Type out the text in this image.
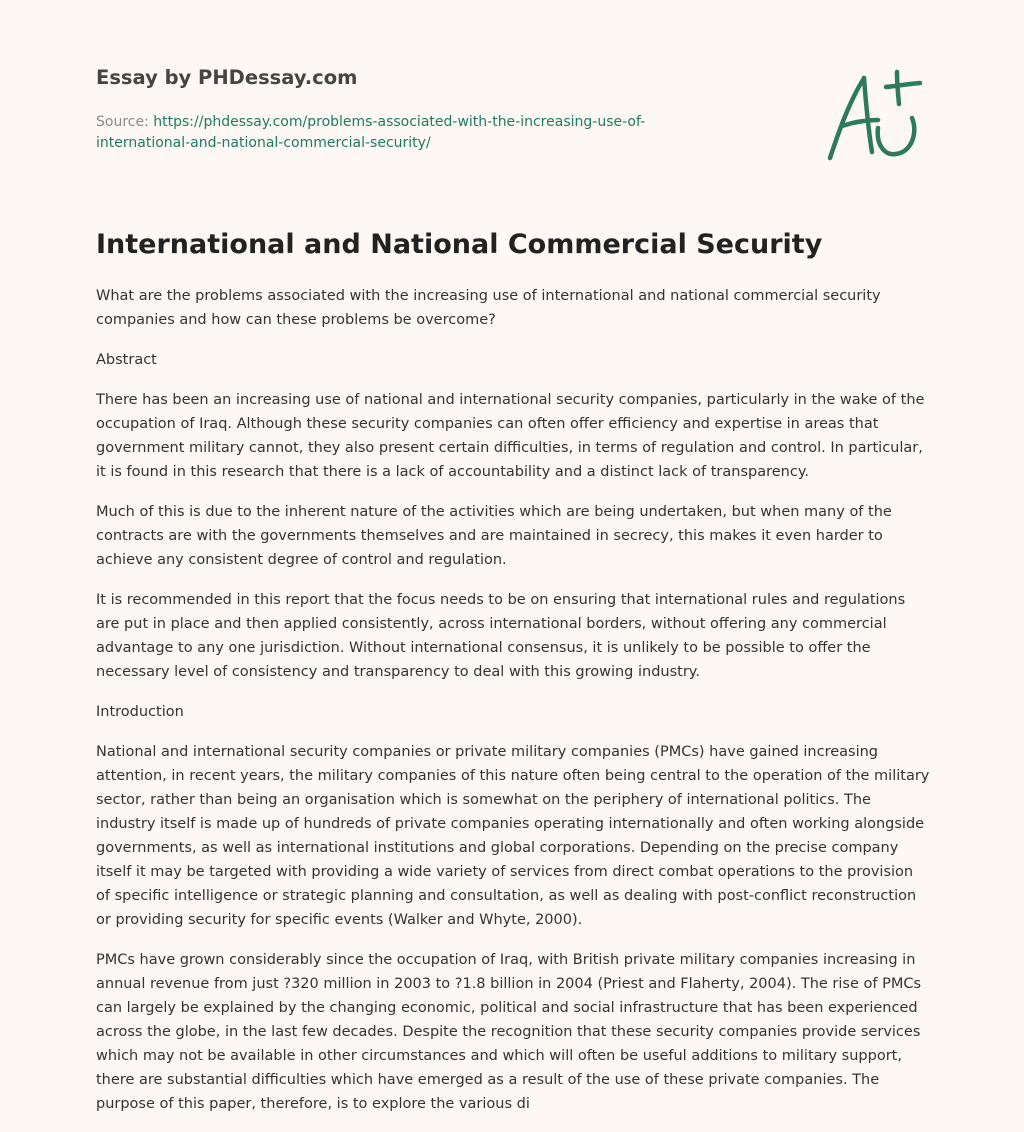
Essay by PHDessay.com
Source: https://phdessay.com/problems-associated-with-the-increasing-use-of-international-and-national-commercial-security/
International and National Commercial Security

What are the problems associated with the increasing use of international and national commercial security companies and how can these problems be overcome?

Abstract

There has been an increasing use of national and international security companies, particularly in the wake of the occupation of Iraq. Although these security companies can often offer efficiency and expertise in areas that government military cannot, they also present certain difficulties, in terms of regulation and control. In particular, it is found in this research that there is a lack of accountability and a distinct lack of transparency.

Much of this is due to the inherent nature of the activities which are being undertaken, but when many of the contracts are with the governments themselves and are maintained in secrecy, this makes it even harder to achieve any consistent degree of control and regulation.

It is recommended in this report that the focus needs to be on ensuring that international rules and regulations are put in place and then applied consistently, across international borders, without offering any commercial advantage to any one jurisdiction. Without international consensus, it is unlikely to be possible to offer the necessary level of consistency and transparency to deal with this growing industry.

Introduction

National and international security companies or private military companies (PMCs) have gained increasing attention, in recent years, the military companies of this nature often being central to the operation of the military sector, rather than being an organisation which is somewhat on the periphery of international politics. The industry itself is made up of hundreds of private companies operating internationally and often working alongside governments, as well as international institutions and global corporations. Depending on the precise company itself it may be targeted with providing a wide variety of services from direct combat operations to the provision of specific intelligence or strategic planning and consultation, as well as dealing with post-conflict reconstruction or providing security for specific events (Walker and Whyte, 2000).

PMCs have grown considerably since the occupation of Iraq, with British private military companies increasing in annual revenue from just ?320 million in 2003 to ?1.8 billion in 2004 (Priest and Flaherty, 2004). The rise of PMCs can largely be explained by the changing economic, political and social infrastructure that has been experienced across the globe, in the last few decades. Despite the recognition that these security companies provide services which may not be available in other circumstances and which will often be useful additions to military support, there are substantial difficulties which have emerged as a result of the use of these private companies. The purpose of this paper, therefore, is to explore the various di
